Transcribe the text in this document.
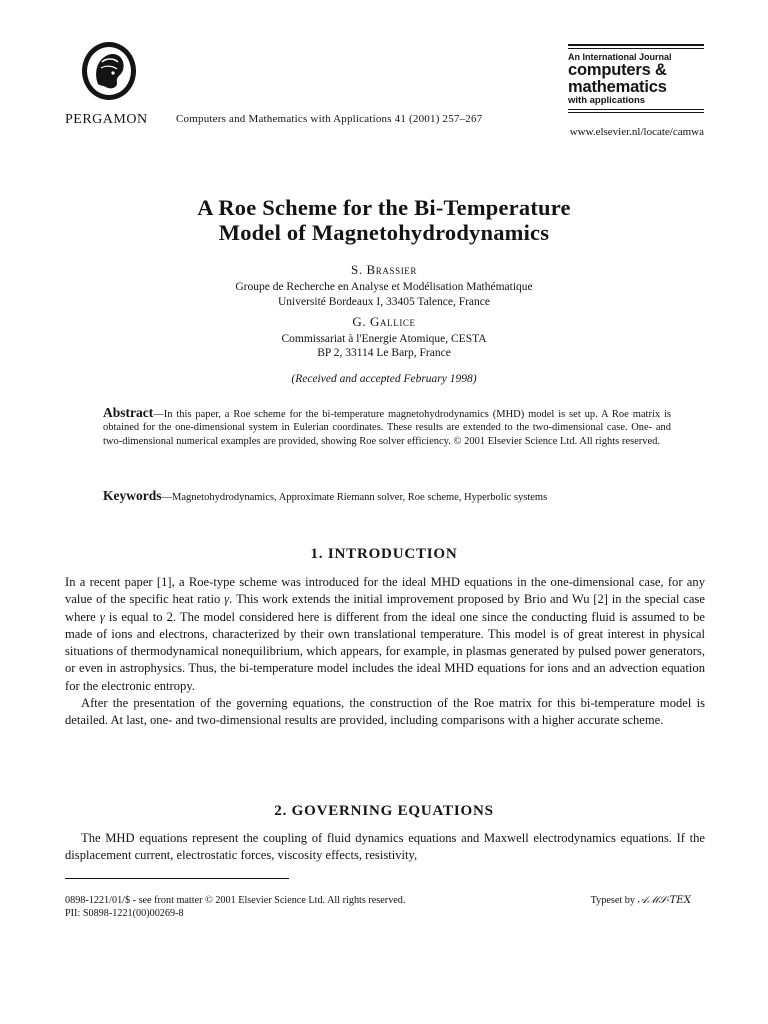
PERGAMON	Computers and Mathematics with Applications 41 (2001) 257–267
An International Journal
computers &
mathematics
with applications
www.elsevier.nl/locate/camwa
A Roe Scheme for the Bi-Temperature
Model of Magnetohydrodynamics
S. Brassier
Groupe de Recherche en Analyse et Modélisation Mathématique
Université Bordeaux I, 33405 Talence, France
G. Gallice
Commissariat à l'Energie Atomique, CESTA
BP 2, 33114 Le Barp, France
(Received and accepted February 1998)
Abstract—In this paper, a Roe scheme for the bi-temperature magnetohydrodynamics (MHD) model is set up. A Roe matrix is obtained for the one-dimensional system in Eulerian coordinates. These results are extended to the two-dimensional case. One- and two-dimensional numerical examples are provided, showing Roe solver efficiency. © 2001 Elsevier Science Ltd. All rights reserved.
Keywords—Magnetohydrodynamics, Approximate Riemann solver, Roe scheme, Hyperbolic systems
1. INTRODUCTION

In a recent paper [1], a Roe-type scheme was introduced for the ideal MHD equations in the one-dimensional case, for any value of the specific heat ratio γ. This work extends the initial improvement proposed by Brio and Wu [2] in the special case where γ is equal to 2. The model considered here is different from the ideal one since the conducting fluid is assumed to be made of ions and electrons, characterized by their own translational temperature. This model is of great interest in physical situations of thermodynamical nonequilibrium, which appears, for example, in plasmas generated by pulsed power generators, or even in astrophysics. Thus, the bi-temperature model includes the ideal MHD equations for ions and an advection equation for the electronic entropy.

After the presentation of the governing equations, the construction of the Roe matrix for this bi-temperature model is detailed. At last, one- and two-dimensional results are provided, including comparisons with a higher accurate scheme.

2. GOVERNING EQUATIONS

The MHD equations represent the coupling of fluid dynamics equations and Maxwell electrodynamics equations. If the displacement current, electrostatic forces, viscosity effects, resistivity,

0898-1221/01/$ - see front matter © 2001 Elsevier Science Ltd. All rights reserved.	Typeset by 𝒜ℳ𝒮-TEX
PII: S0898-1221(00)00269-8
